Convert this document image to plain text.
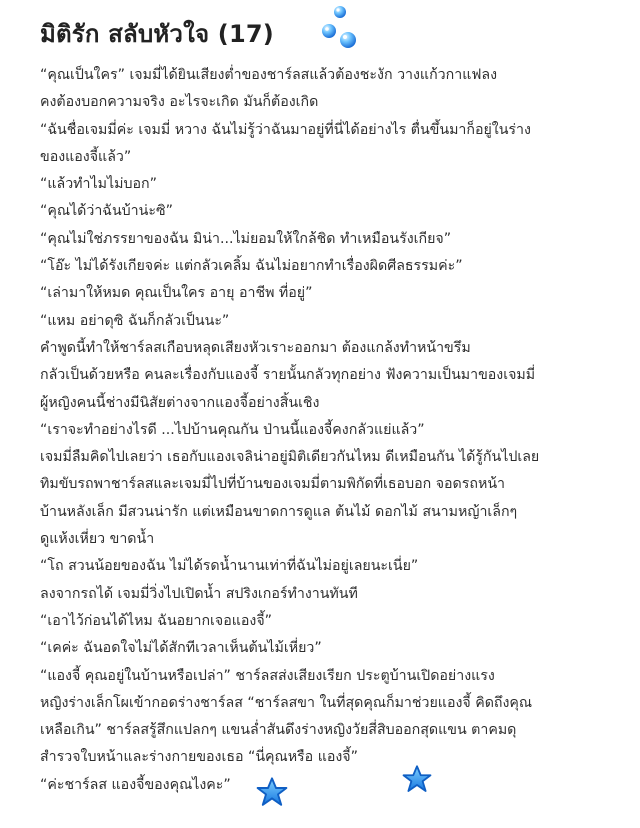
มิติรัก สลับหัวใจ (17)
“คุณเป็นใคร” เจมมี่ได้ยินเสียงต่ำของชาร์ลสแล้วต้องชะงัก วางแก้วกาแฟลง
คงต้องบอกความจริง อะไรจะเกิด มันก็ต้องเกิด
“ฉันชื่อเจมมี่ค่ะ เจมมี่ หวาง ฉันไม่รู้ว่าฉันมาอยู่ที่นี่ได้อย่างไร ตื่นขึ้นมาก็อยู่ในร่าง
ของแองจี้แล้ว”
“แล้วทำไมไม่บอก”
“คุณได้ว่าฉันบ้าน่ะซิ”
“คุณไม่ใช่ภรรยาของฉัน มิน่า...ไม่ยอมให้ใกล้ชิด ทำเหมือนรังเกียจ”
“โอ๊ะ ไม่ได้รังเกียจค่ะ แต่กลัวเคลิ้ม ฉันไม่อยากทำเรื่องผิดศีลธรรมค่ะ”
“เล่ามาให้หมด คุณเป็นใคร อายุ อาชีพ ที่อยู่”
“แหม อย่าดุซิ ฉันก็กลัวเป็นนะ”
คำพูดนี้ทำให้ชาร์ลสเกือบหลุดเสียงหัวเราะออกมา ต้องแกล้งทำหน้าขรึม
กลัวเป็นด้วยหรือ คนละเรื่องกับแองจี้ รายนั้นกลัวทุกอย่าง ฟังความเป็นมาของเจมมี่
ผู้หญิงคนนี้ช่างมีนิสัยต่างจากแองจี้อย่างสิ้นเชิง
“เราจะทำอย่างไรดี ...ไปบ้านคุณกัน ป่านนี้แองจี้คงกลัวแย่แล้ว”
เจมมี่ลืมคิดไปเลยว่า เธอกับแองเจลิน่าอยู่มิติเดียวกันไหม ดีเหมือนกัน ได้รู้กันไปเลย
ทิมขับรถพาชาร์ลสและเจมมี่ไปที่บ้านของเจมมี่ตามพิกัดที่เธอบอก จอดรถหน้า
บ้านหลังเล็ก มีสวนน่ารัก แต่เหมือนขาดการดูแล ต้นไม้ ดอกไม้ สนามหญ้าเล็กๆ
ดูแห้งเหี่ยว ขาดน้ำ
“โถ สวนน้อยของฉัน ไม่ได้รดน้ำนานเท่าที่ฉันไม่อยู่เลยนะเนี่ย”
ลงจากรถได้ เจมมี่วิ่งไปเปิดน้ำ สปริงเกอร์ทำงานทันที
“เอาไว้ก่อนได้ไหม ฉันอยากเจอแองจี้”
“เคค่ะ ฉันอดใจไม่ได้สักทีเวลาเห็นต้นไม้เหี่ยว”
“แองจี้ คุณอยู่ในบ้านหรือเปล่า” ชาร์ลสส่งเสียงเรียก ประตูบ้านเปิดอย่างแรง
หญิงร่างเล็กโผเข้ากอดร่างชาร์ลส “ชาร์ลสขา ในที่สุดคุณก็มาช่วยแองจี้ คิดถึงคุณ
เหลือเกิน” ชาร์ลสรู้สึกแปลกๆ แขนล่ำสันดึงร่างหญิงวัยสี่สิบออกสุดแขน ตาคมดุ
สำรวจใบหน้าและร่างกายของเธอ “นี่คุณหรือ แองจี้”
“ค่ะชาร์ลส แองจี้ของคุณไงคะ”
